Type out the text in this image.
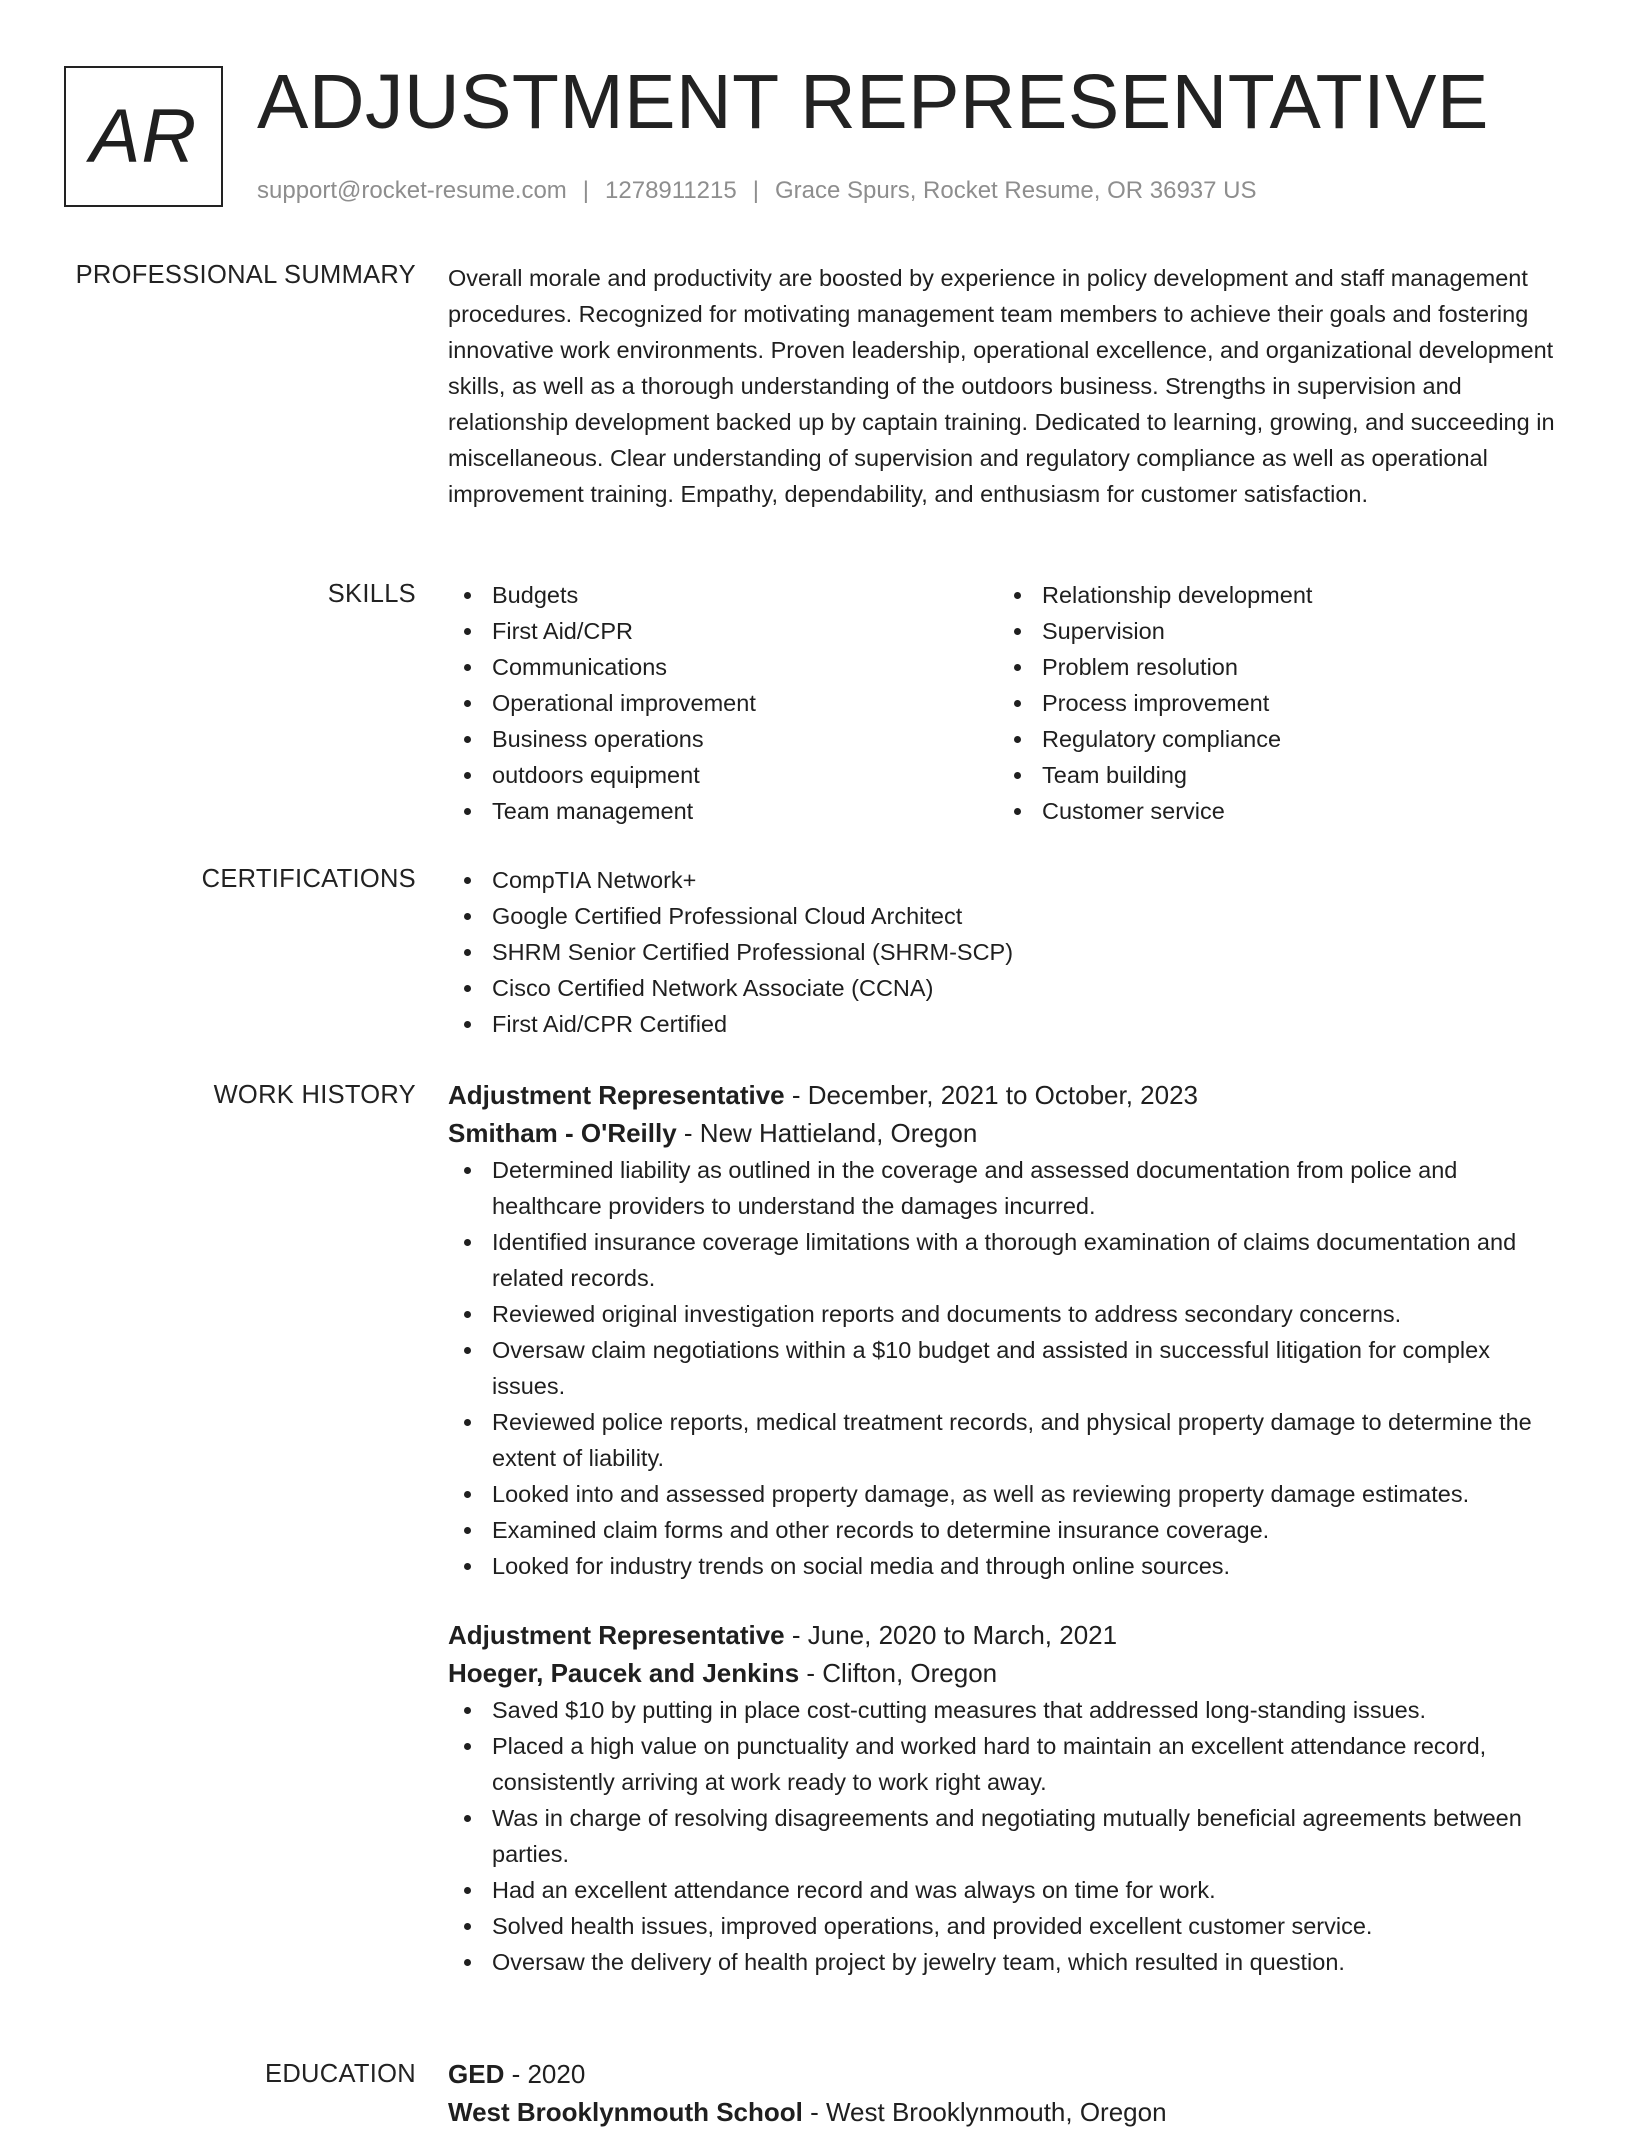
AR ADJUSTMENT REPRESENTATIVE
support@rocket-resume.com | 1278911215 | Grace Spurs, Rocket Resume, OR 36937 US
PROFESSIONAL SUMMARY Overall morale and productivity are boosted by experience in policy development and staff management procedures. Recognized for motivating management team members to achieve their goals and fostering innovative work environments. Proven leadership, operational excellence, and organizational development skills, as well as a thorough understanding of the outdoors business. Strengths in supervision and relationship development backed up by captain training. Dedicated to learning, growing, and succeeding in miscellaneous. Clear understanding of supervision and regulatory compliance as well as operational improvement training. Empathy, dependability, and enthusiasm for customer satisfaction.

SKILLS	Budgets
First Aid/CPR
Communications
Operational improvement
Business operations
outdoors equipment
Team management
Relationship development
Supervision
Problem resolution
Process improvement
Regulatory compliance
Team building
Customer service
CERTIFICATIONS	CompTIA Network+
Google Certified Professional Cloud Architect
SHRM Senior Certified Professional (SHRM-SCP)
Cisco Certified Network Associate (CCNA)
First Aid/CPR Certified
WORK HISTORY Adjustment Representative - December, 2021 to October, 2023
Smitham - O'Reilly - New Hattieland, Oregon
Determined liability as outlined in the coverage and assessed documentation from police and healthcare providers to understand the damages incurred.
Identified insurance coverage limitations with a thorough examination of claims documentation and related records.
Reviewed original investigation reports and documents to address secondary concerns.
Oversaw claim negotiations within a $10 budget and assisted in successful litigation for complex issues.
Reviewed police reports, medical treatment records, and physical property damage to determine the extent of liability.
Looked into and assessed property damage, as well as reviewing property damage estimates.
Examined claim forms and other records to determine insurance coverage.
Looked for industry trends on social media and through online sources.
Adjustment Representative - June, 2020 to March, 2021
Hoeger, Paucek and Jenkins - Clifton, Oregon
Saved $10 by putting in place cost-cutting measures that addressed long-standing issues.
Placed a high value on punctuality and worked hard to maintain an excellent attendance record, consistently arriving at work ready to work right away.
Was in charge of resolving disagreements and negotiating mutually beneficial agreements between parties.
Had an excellent attendance record and was always on time for work.
Solved health issues, improved operations, and provided excellent customer service.
Oversaw the delivery of health project by jewelry team, which resulted in question.
EDUCATION GED - 2020
West Brooklynmouth School - West Brooklynmouth, Oregon
